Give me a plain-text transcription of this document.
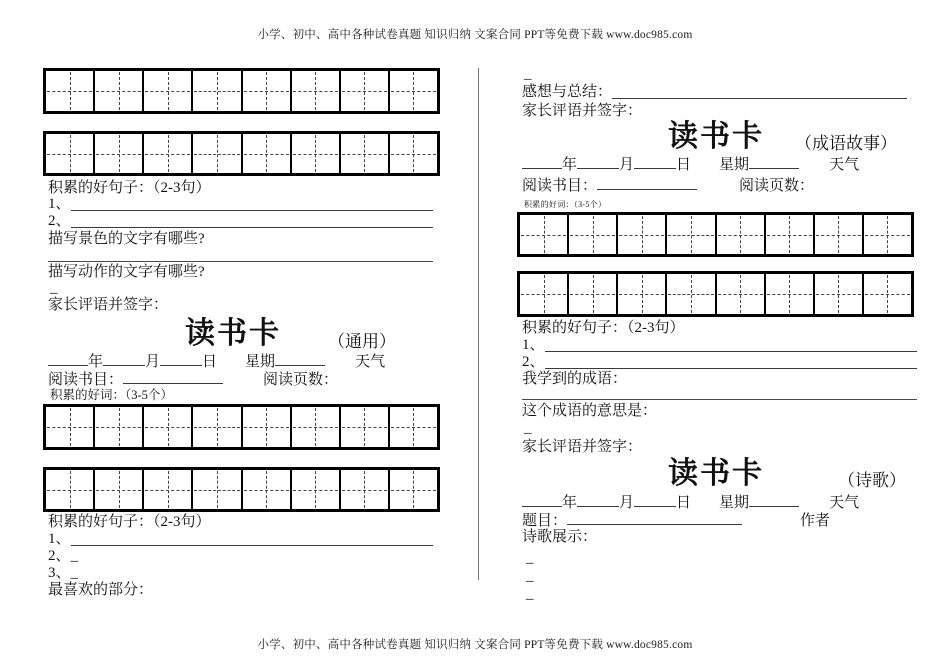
小学、初中、高中各种试卷真题 知识归纳 文案合同 PPT等免费下载 www.doc985.com
小学、初中、高中各种试卷真题 知识归纳 文案合同 PPT等免费下载 www.doc985.com
积累的好句子：（2-3句）
1、
2、
描写景色的文字有哪些?
描写动作的文字有哪些?
_
家长评语并签字：
读书卡	（通用）
年	月	日 星期	天气
阅读书目：	阅读页数：
积累的好词：（3-5个）
积累的好句子：（2-3句）
1、
2、_
3、_
最喜欢的部分：
_
感想与总结：
家长评语并签字：
读书卡 （成语故事）
年	月	日 星期	天气
阅读书目：	阅读页数：
积累的好词：（3-5个）
积累的好句子：（2-3句）
1、
2、
我学到的成语：
这个成语的意思是：
_
家长评语并签字：
读书卡	（诗歌）
年	月	日 星期	天气
题目：	作者
诗歌展示：
_
_
_
